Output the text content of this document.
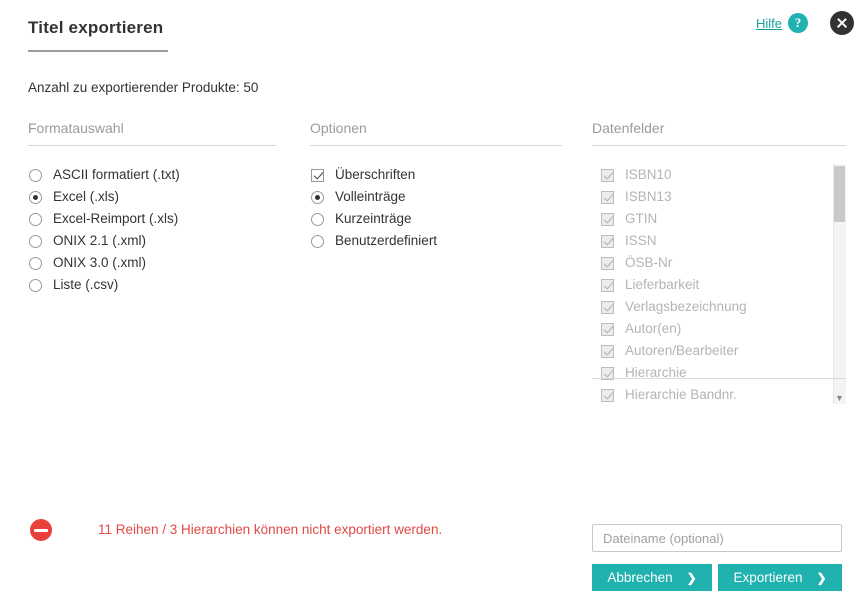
Titel exportieren	Hilfe ?
Anzahl zu exportierender Produkte: 50
Formatauswahl
ASCII formatiert (.txt)
Excel (.xls)
Excel-Reimport (.xls)
ONIX 2.1 (.xml)
ONIX 3.0 (.xml)
Liste (.csv)
Optionen
Überschriften
Volleinträge
Kurzeinträge
Benutzerdefiniert
Datenfelder
ISBN10
ISBN13
GTIN
ISSN
ÖSB-Nr
Lieferbarkeit
Verlagsbezeichnung
Autor(en)
Autoren/Bearbeiter
Hierarchie
Hierarchie Bandnr.	▼
11 Reihen / 3 Hierarchien können nicht exportiert werden.
Dateiname (optional)
Abbrechen ❯	Exportieren ❯
